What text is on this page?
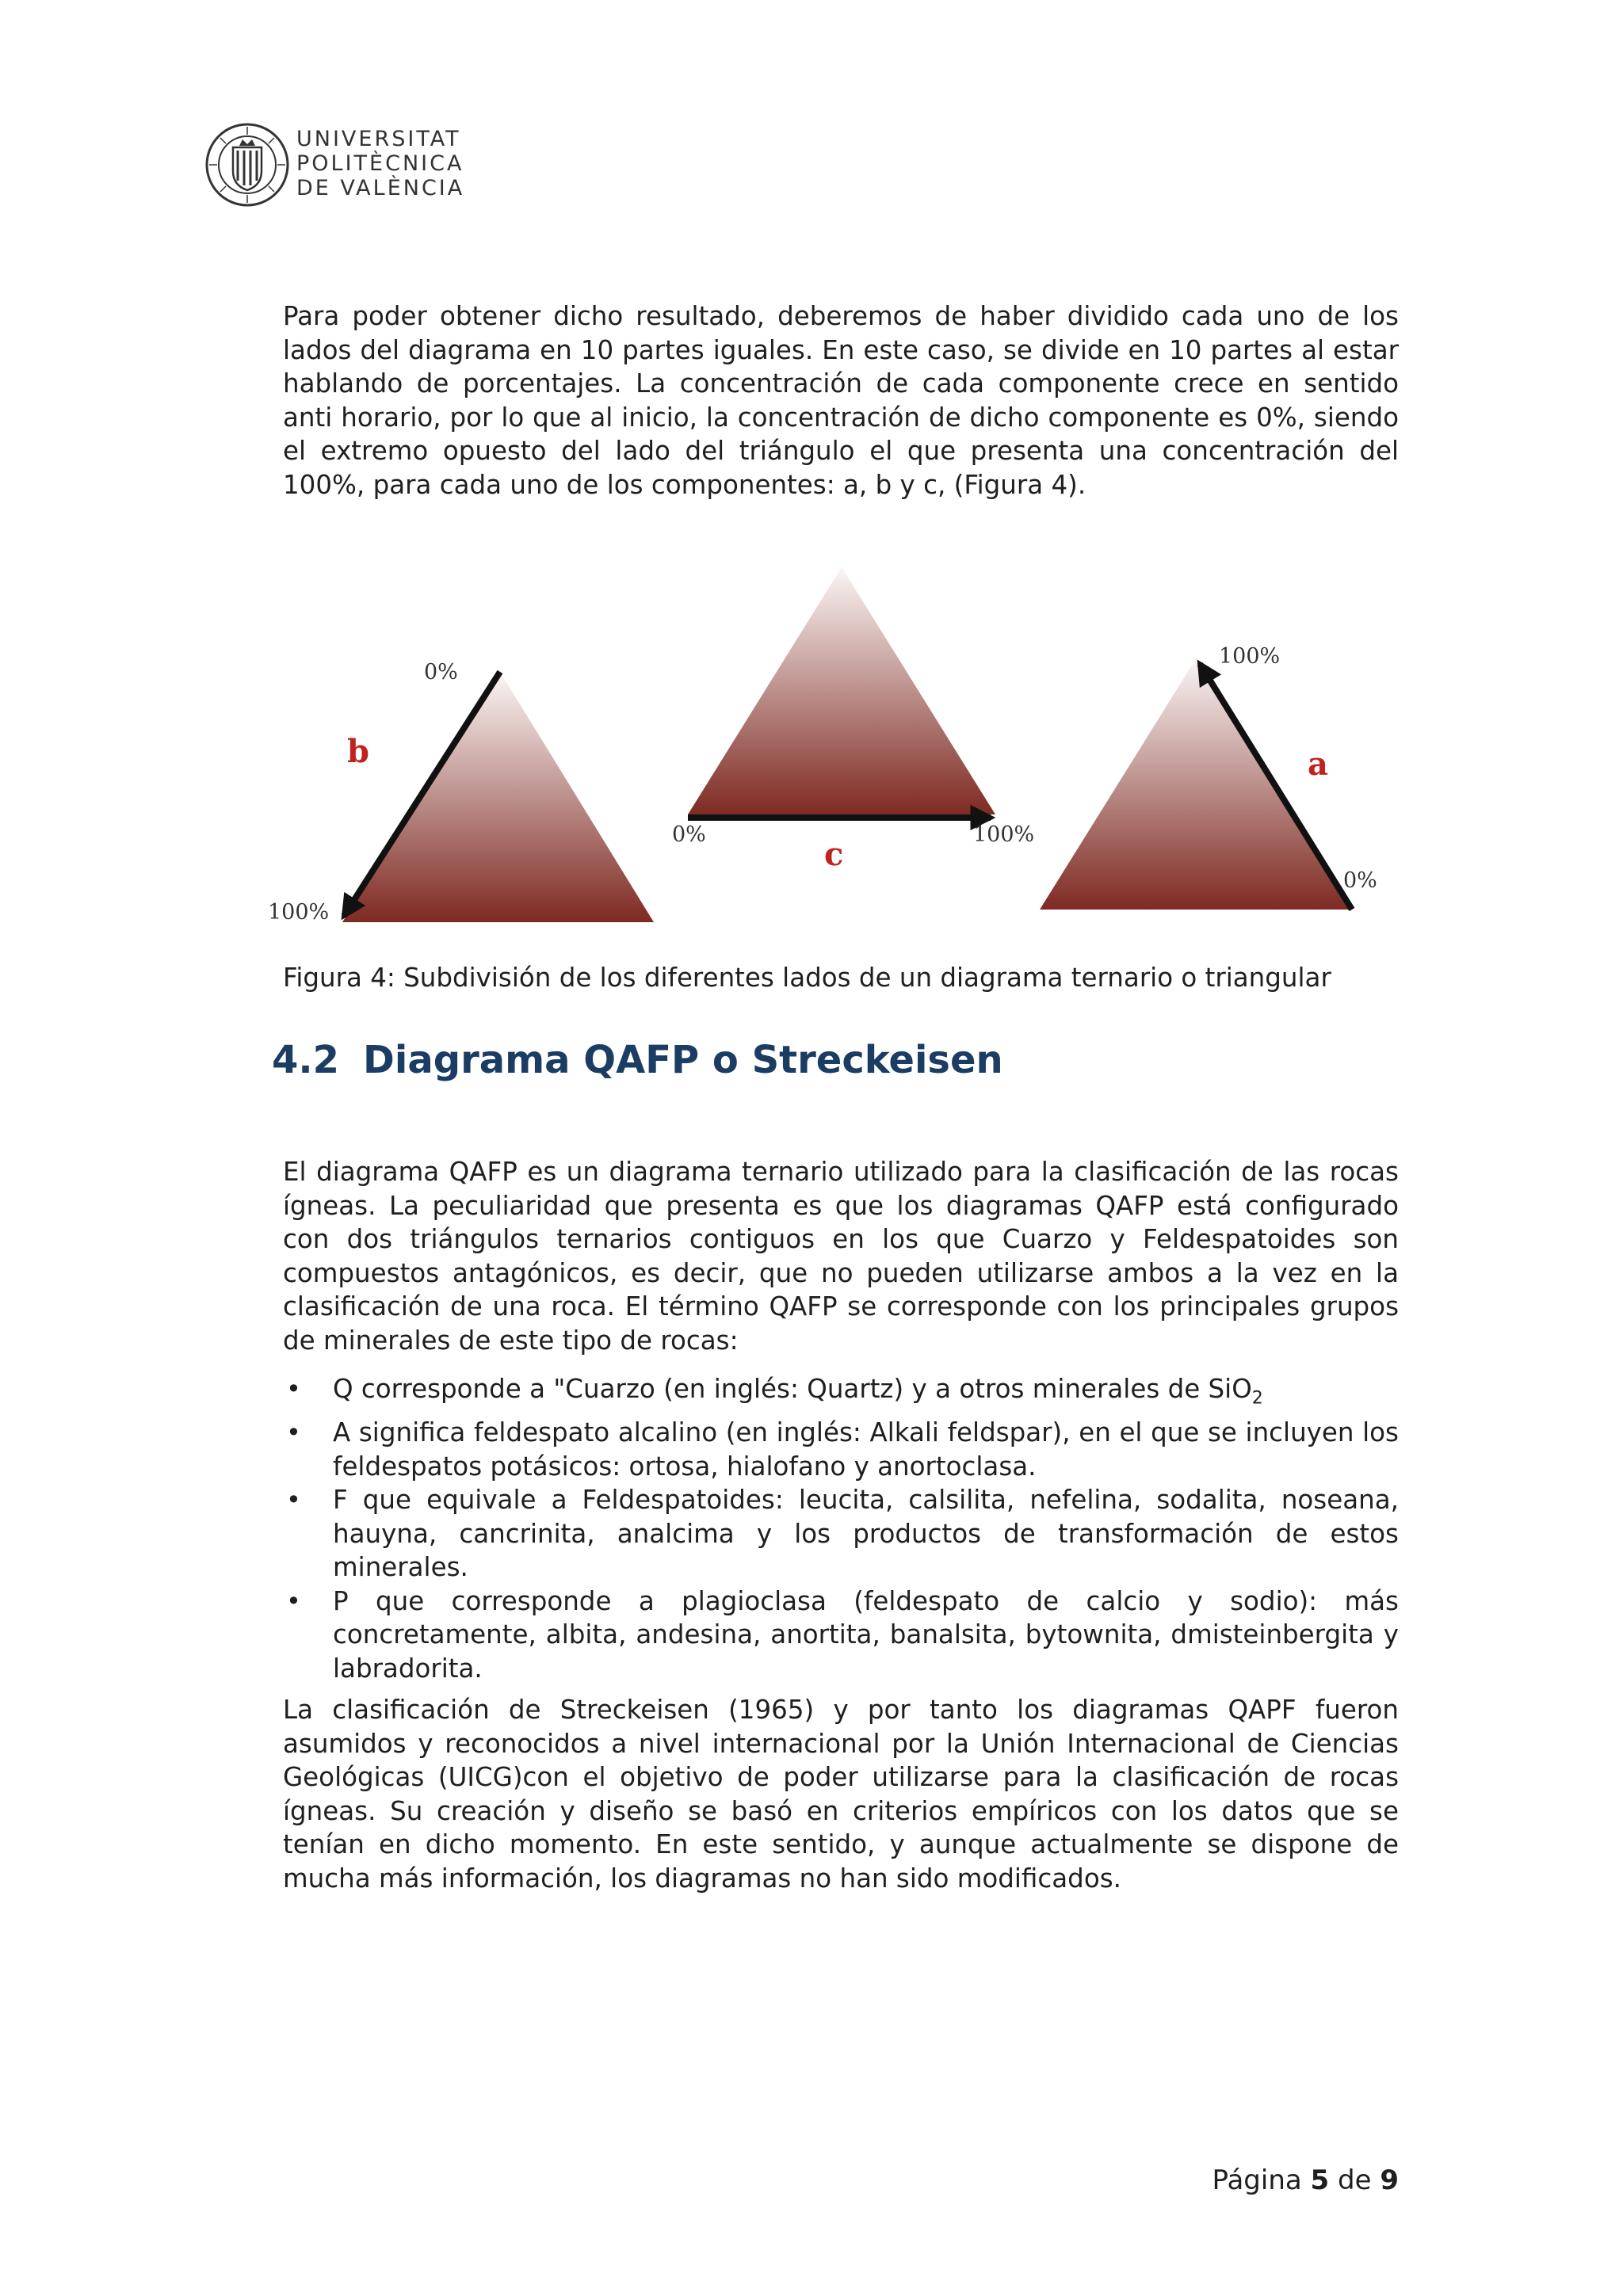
UNIVERSITAT
POLITÈCNICA
DE VALÈNCIA

Para poder obtener dicho resultado, deberemos de haber dividido cada uno de los lados del diagrama en 10 partes iguales. En este caso, se divide en 10 partes al estar hablando de porcentajes. La concentración de cada componente crece en sentido anti horario, por lo que al inicio, la concentración de dicho componente es 0%, siendo el extremo opuesto del lado del triángulo el que presenta una concentración del 100%, para cada uno de los componentes: a, b y c, (Figura 4).

0%
b
100%
0%
c
100%
100%
a
0%
Figura 4: Subdivisión de los diferentes lados de un diagrama ternario o triangular
4.2 Diagrama QAFP o Streckeisen

El diagrama QAFP es un diagrama ternario utilizado para la clasificación de las rocas ígneas. La peculiaridad que presenta es que los diagramas QAFP está configurado con dos triángulos ternarios contiguos en los que Cuarzo y Feldespatoides son compuestos antagónicos, es decir, que no pueden utilizarse ambos a la vez en la clasificación de una roca. El término QAFP se corresponde con los principales grupos de minerales de este tipo de rocas:

• Q corresponde a "Cuarzo (en inglés: Quartz) y a otros minerales de SiO$_2$
• A significa feldespato alcalino (en inglés: Alkali feldspar), en el que se incluyen los feldespatos potásicos: ortosa, hialofano y anortoclasa.
• F que equivale a Feldespatoides: leucita, calsilita, nefelina, sodalita, noseana, hauyna, cancrinita, analcima y los productos de transformación de estos minerales.
• P que corresponde a plagioclasa (feldespato de calcio y sodio): más concretamente, albita, andesina, anortita, banalsita, bytownita, dmisteinbergita y labradorita.

La clasificación de Streckeisen (1965) y por tanto los diagramas QAPF fueron asumidos y reconocidos a nivel internacional por la Unión Internacional de Ciencias Geológicas (UICG)con el objetivo de poder utilizarse para la clasificación de rocas ígneas. Su creación y diseño se basó en criterios empíricos con los datos que se tenían en dicho momento. En este sentido, y aunque actualmente se dispone de mucha más información, los diagramas no han sido modificados.

Página 5 de 9
